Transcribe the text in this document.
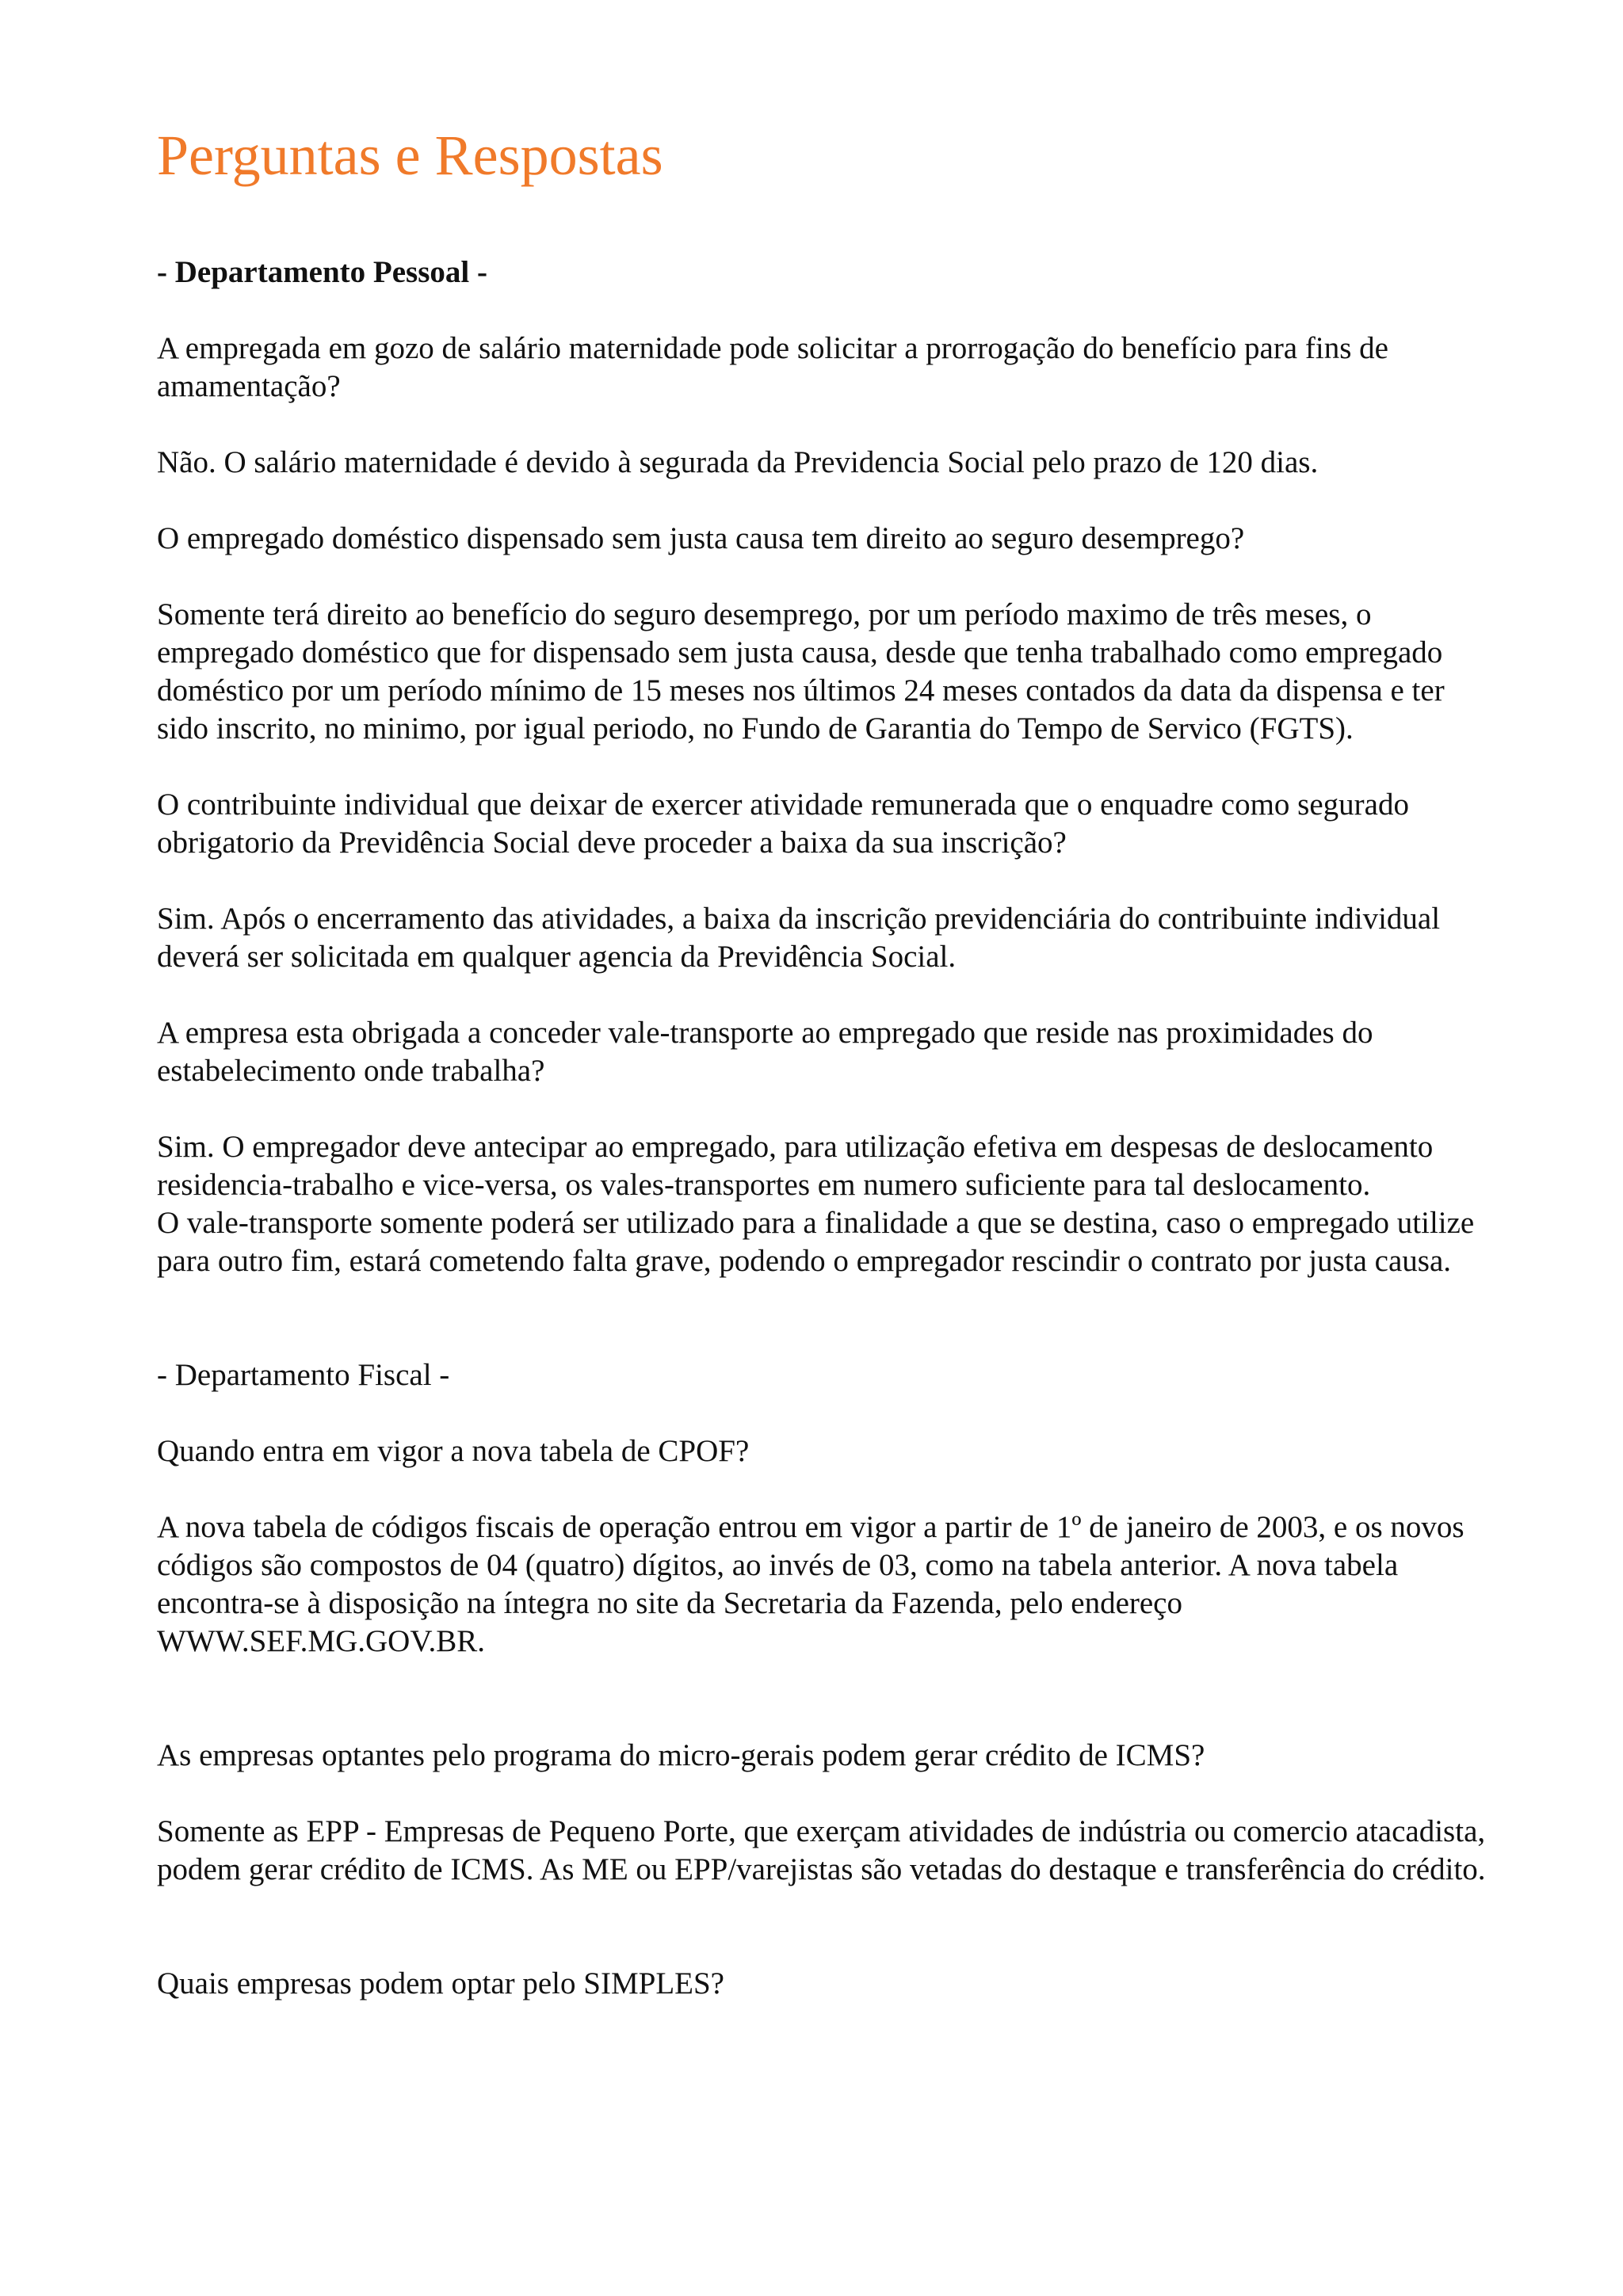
Perguntas e Respostas
- Departamento Pessoal -

A empregada em gozo de salário maternidade pode solicitar a prorrogação do benefício para fins de amamentação?

Não. O salário maternidade é devido à segurada da Previdencia Social pelo prazo de 120 dias.

O empregado doméstico dispensado sem justa causa tem direito ao seguro desemprego?

Somente terá direito ao benefício do seguro desemprego, por um período maximo de três meses, o empregado doméstico que for dispensado sem justa causa, desde que tenha trabalhado como empregado doméstico por um período mínimo de 15 meses nos últimos 24 meses contados da data da dispensa e ter sido inscrito, no minimo, por igual periodo, no Fundo de Garantia do Tempo de Servico (FGTS).

O contribuinte individual que deixar de exercer atividade remunerada que o enquadre como segurado obrigatorio da Previdência Social deve proceder a baixa da sua inscrição?

Sim. Após o encerramento das atividades, a baixa da inscrição previdenciária do contribuinte individual deverá ser solicitada em qualquer agencia da Previdência Social.

A empresa esta obrigada a conceder vale-transporte ao empregado que reside nas proximidades do estabelecimento onde trabalha?

Sim. O empregador deve antecipar ao empregado, para utilização efetiva em despesas de deslocamento residencia-trabalho e vice-versa, os vales-transportes em numero suficiente para tal deslocamento.

O vale-transporte somente poderá ser utilizado para a finalidade a que se destina, caso o empregado utilize para outro fim, estará cometendo falta grave, podendo o empregador rescindir o contrato por justa causa.

- Departamento Fiscal -

Quando entra em vigor a nova tabela de CPOF?

A nova tabela de códigos fiscais de operação entrou em vigor a partir de 1º de janeiro de 2003, e os novos códigos são compostos de 04 (quatro) dígitos, ao invés de 03, como na tabela anterior. A nova tabela encontra-se à disposição na íntegra no site da Secretaria da Fazenda, pelo endereço WWW.SEF.MG.GOV.BR.

As empresas optantes pelo programa do micro-gerais podem gerar crédito de ICMS?

Somente as EPP - Empresas de Pequeno Porte, que exerçam atividades de indústria ou comercio atacadista, podem gerar crédito de ICMS. As ME ou EPP/varejistas são vetadas do destaque e transferência do crédito.

Quais empresas podem optar pelo SIMPLES?
